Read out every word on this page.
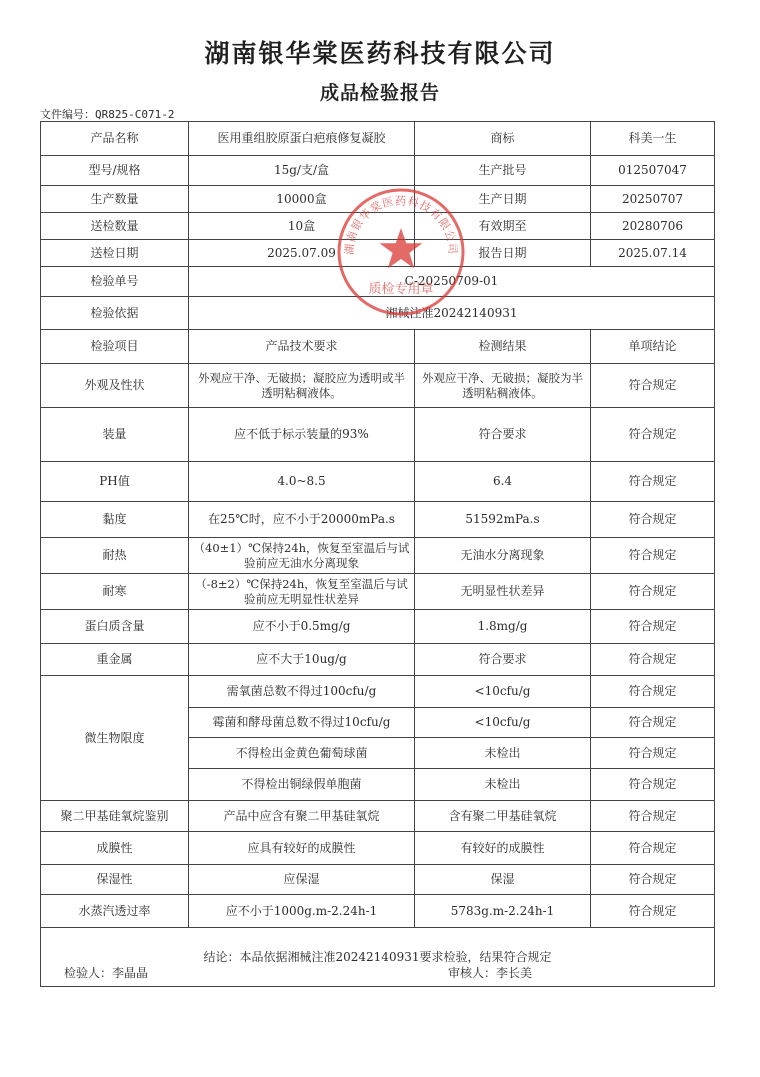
湖南银华棠医药科技有限公司
成品检验报告
文件编号：QR825-C071-2
产品名称	医用重组胶原蛋白疤痕修复凝胶	商标	科美一生
型号/规格	15g/支/盒	生产批号	012507047
生产数量	10000盒	生产日期	20250707
送检数量	10盒	有效期至	20280706
送检日期	2025.07.09	报告日期	2025.07.14
检验单号	C-20250709-01		
检验依据	湘械注准20242140931		
检验项目	产品技术要求	检测结果	单项结论
外观及性状	外观应干净、无破损；凝胶应为透明或半透明粘稠液体。	外观应干净、无破损；凝胶为半透明粘稠液体。	符合规定
装量	应不低于标示装量的93%	符合要求	符合规定
PH值	4.0~8.5	6.4	符合规定
黏度	在25℃时，应不小于20000mPa.s	51592mPa.s	符合规定
耐热	（40±1）℃保持24h，恢复至室温后与试验前应无油水分离现象	无油水分离现象	符合规定
耐寒	（-8±2）℃保持24h，恢复至室温后与试验前应无明显性状差异	无明显性状差异	符合规定
蛋白质含量	应不小于0.5mg/g	1.8mg/g	符合规定
重金属	应不大于10ug/g	符合要求	符合规定
微生物限度	需氧菌总数不得过100cfu/g	<10cfu/g	符合规定
	霉菌和酵母菌总数不得过10cfu/g	<10cfu/g	符合规定
	不得检出金黄色葡萄球菌	未检出	符合规定
	不得检出铜绿假单胞菌	未检出	符合规定
聚二甲基硅氧烷鉴别	产品中应含有聚二甲基硅氧烷	含有聚二甲基硅氧烷	符合规定
成膜性	应具有较好的成膜性	有较好的成膜性	符合规定
保湿性	应保湿	保湿	符合规定
水蒸汽透过率	应不小于1000g.m-2.24h-1	5783g.m-2.24h-1	符合规定
结论：本品依据湘械注准20242140931要求检验，结果符合规定			
湖南银华棠医药科技有限公司
质检专用章
检验人：李晶晶	审核人：李长美
